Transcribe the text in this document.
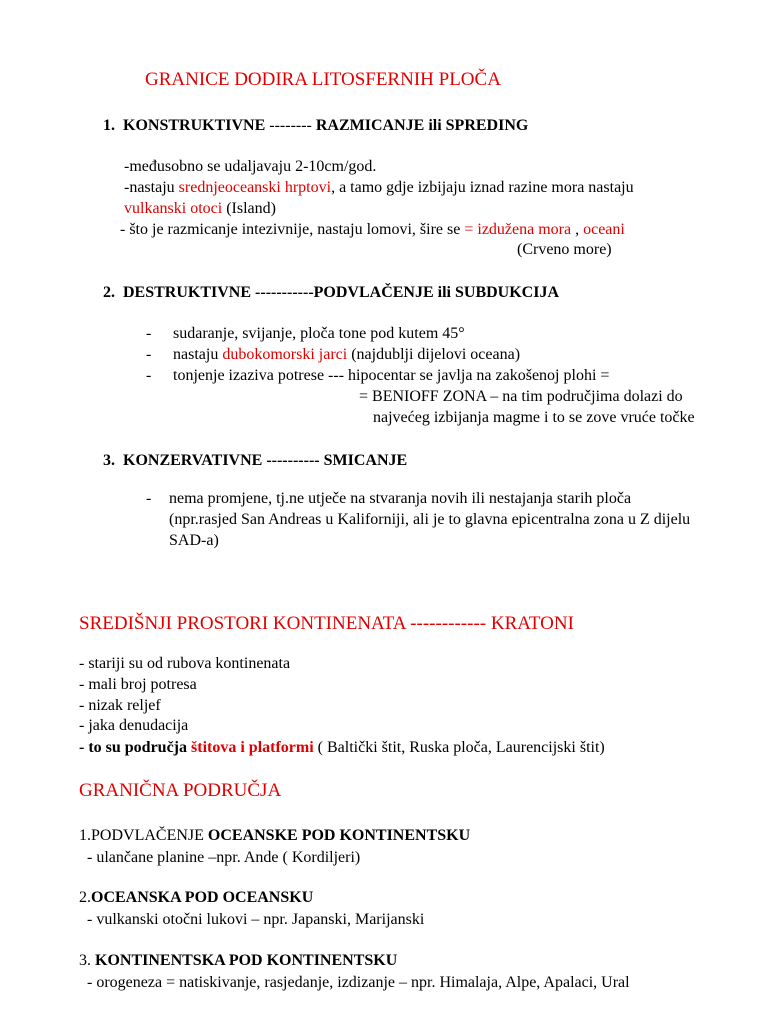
GRANICE DODIRA LITOSFERNIH PLOČA
1. KONSTRUKTIVNE -------- RAZMICANJE ili SPREDING
-međusobno se udaljavaju 2-10cm/god.
-nastaju srednjeoceanski hrptovi, a tamo gdje izbijaju iznad razine mora nastaju
vulkanski otoci (Island)
- što je razmicanje intezivnije, nastaju lomovi, šire se = izdužena mora , oceani
(Crveno more)
2. DESTRUKTIVNE -----------PODVLAČENJE ili SUBDUKCIJA
- sudaranje, svijanje, ploča tone pod kutem 45°
- nastaju dubokomorski jarci (najdublji dijelovi oceana)
- tonjenje izaziva potrese --- hipocentar se javlja na zakošenoj plohi =
= BENIOFF ZONA – na tim područjima dolazi do
najvećeg izbijanja magme i to se zove vruće točke
3. KONZERVATIVNE ---------- SMICANJE
- nema promjene, tj.ne utječe na stvaranja novih ili nestajanja starih ploča
(npr.rasjed San Andreas u Kaliforniji, ali je to glavna epicentralna zona u Z dijelu
SAD-a)
SREDIŠNJI PROSTORI KONTINENATA ------------ KRATONI
- stariji su od rubova kontinenata
- mali broj potresa
- nizak reljef
- jaka denudacija
- to su područja štitova i platformi ( Baltički štit, Ruska ploča, Laurencijski štit)
GRANIČNA PODRUČJA
1.PODVLAČENJE OCEANSKE POD KONTINENTSKU
- ulančane planine –npr. Ande ( Kordiljeri)
2.OCEANSKA POD OCEANSKU
- vulkanski otočni lukovi – npr. Japanski, Marijanski
3. KONTINENTSKA POD KONTINENTSKU
- orogeneza = natiskivanje, rasjedanje, izdizanje – npr. Himalaja, Alpe, Apalaci, Ural
